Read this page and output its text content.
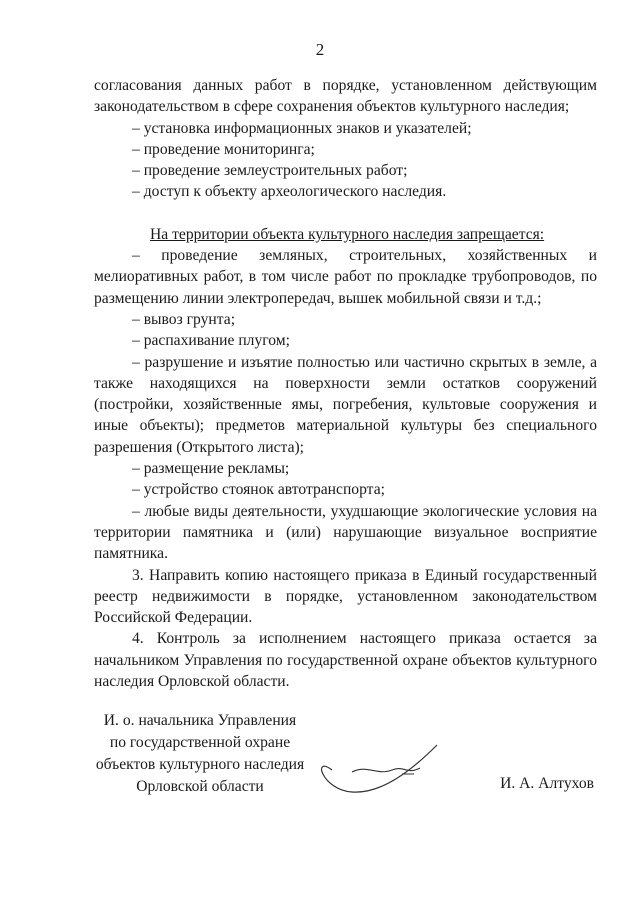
2

согласования данных работ в порядке, установленном действующим законодательством в сфере сохранения объектов культурного наследия;

– установка информационных знаков и указателей;

– проведение мониторинга;

– проведение землеустроительных работ;

– доступ к объекту археологического наследия.

На территории объекта культурного наследия запрещается:

– проведение земляных, строительных, хозяйственных и мелиоративных работ, в том числе работ по прокладке трубопроводов, по размещению линии электропередач, вышек мобильной связи и т.д.;

– вывоз грунта;

– распахивание плугом;

– разрушение и изъятие полностью или частично скрытых в земле, а также находящихся на поверхности земли остатков сооружений (постройки, хозяйственные ямы, погребения, культовые сооружения и иные объекты); предметов материальной культуры без специального разрешения (Открытого листа);

– размещение рекламы;

– устройство стоянок автотранспорта;

– любые виды деятельности, ухудшающие экологические условия на территории памятника и (или) нарушающие визуальное восприятие памятника.

3. Направить копию настоящего приказа в Единый государственный реестр недвижимости в порядке, установленном законодательством Российской Федерации.

4. Контроль за исполнением настоящего приказа остается за начальником Управления по государственной охране объектов культурного наследия Орловской области.

И. о. начальника Управления
по государственной охране
объектов культурного наследия
Орловской области	И. А. Алтухов
